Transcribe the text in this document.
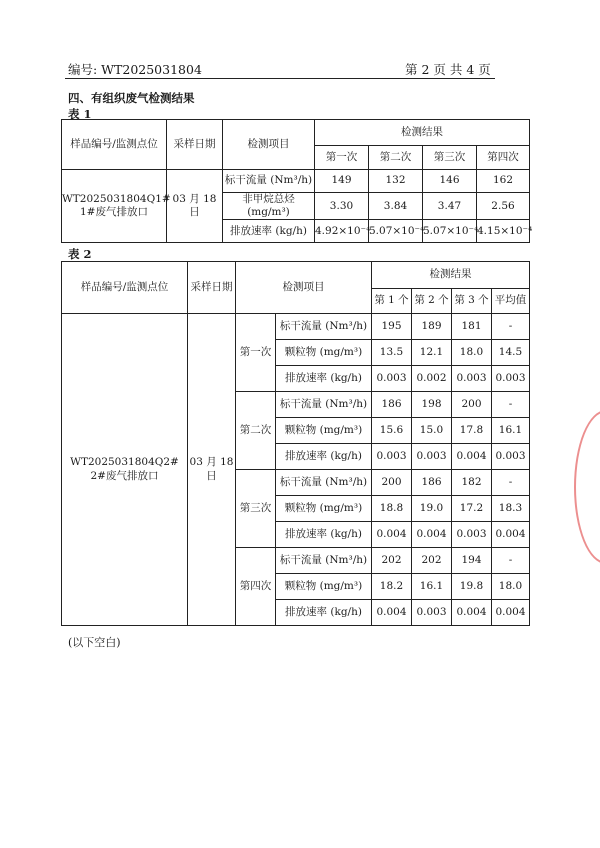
编号: WT2025031804	第 2 页 共 4 页
四、有组织废气检测结果
表 1
样品编号/监测点位	采样日期	检测项目	检测结果			
			第一次	第二次	第三次	第四次
WT2025031804Q1#
1#废气排放口	03 月 18 日	标干流量 (Nm³/h)	149	132	146	162
		非甲烷总烃 (mg/m³)	3.30	3.84	3.47	2.56
		排放速率 (kg/h)	4.92×10⁻⁴	5.07×10⁻⁴	5.07×10⁻⁴	4.15×10⁻⁴
表 2
样品编号/监测点位	采样日期	检测项目		检测结果			
				第 1 个	第 2 个	第 3 个	平均值
WT2025031804Q2#
2#废气排放口	03 月 18 日	第一次	标干流量 (Nm³/h)	195	189	181	-
			颗粒物 (mg/m³)	13.5	12.1	18.0	14.5
			排放速率 (kg/h)	0.003	0.002	0.003	0.003
		第二次	标干流量 (Nm³/h)	186	198	200	-
			颗粒物 (mg/m³)	15.6	15.0	17.8	16.1
			排放速率 (kg/h)	0.003	0.003	0.004	0.003
		第三次	标干流量 (Nm³/h)	200	186	182	-
			颗粒物 (mg/m³)	18.8	19.0	17.2	18.3
			排放速率 (kg/h)	0.004	0.004	0.003	0.004
		第四次	标干流量 (Nm³/h)	202	202	194	-
			颗粒物 (mg/m³)	18.2	16.1	19.8	18.0
			排放速率 (kg/h)	0.004	0.003	0.004	0.004
(以下空白)
